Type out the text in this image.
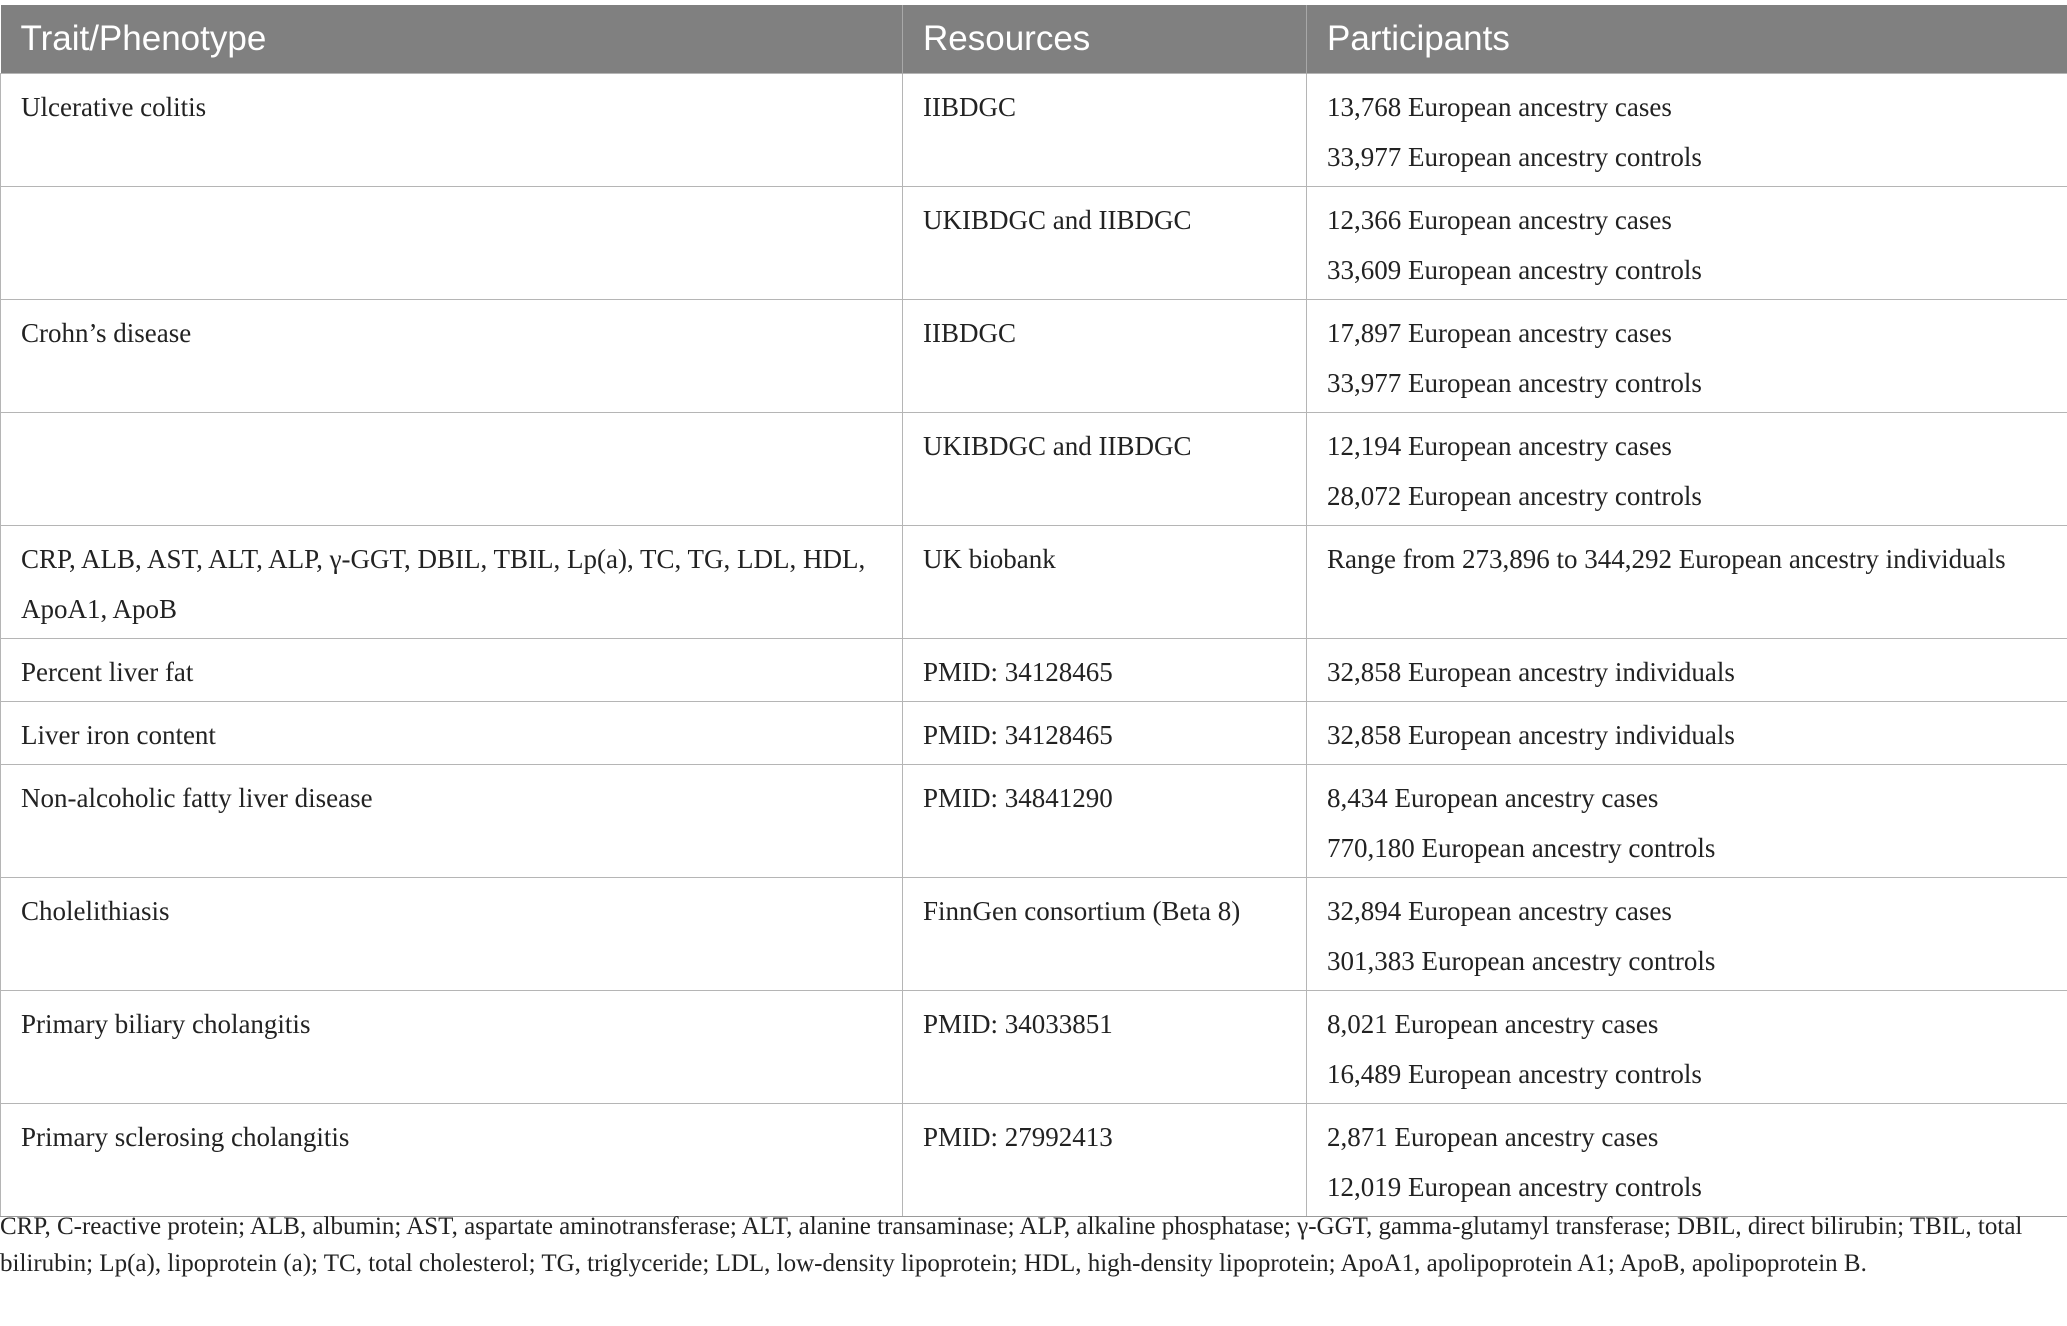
Trait/Phenotype	Resources	Participants
Ulcerative colitis	IIBDGC	13,768 European ancestry cases
33,977 European ancestry controls

	UKIBDGC and IIBDGC	12,366 European ancestry cases
33,609 European ancestry controls

Crohn’s disease	IIBDGC	17,897 European ancestry cases
33,977 European ancestry controls

	UKIBDGC and IIBDGC	12,194 European ancestry cases
28,072 European ancestry controls

CRP, ALB, AST, ALT, ALP, γ-GGT, DBIL, TBIL, Lp(a), TC, TG, LDL, HDL, ApoA1, ApoB	UK biobank	Range from 273,896 to 344,292 European ancestry individuals

Percent liver fat	PMID: 34128465	32,858 European ancestry individuals

Liver iron content	PMID: 34128465	32,858 European ancestry individuals

Non-alcoholic fatty liver disease	PMID: 34841290	8,434 European ancestry cases
770,180 European ancestry controls

Cholelithiasis	FinnGen consortium (Beta 8)	32,894 European ancestry cases
301,383 European ancestry controls

Primary biliary cholangitis	PMID: 34033851	8,021 European ancestry cases
16,489 European ancestry controls

Primary sclerosing cholangitis	PMID: 27992413	2,871 European ancestry cases
12,019 European ancestry controls
CRP, C-reactive protein; ALB, albumin; AST, aspartate aminotransferase; ALT, alanine transaminase; ALP, alkaline phosphatase; γ-GGT, gamma-glutamyl transferase; DBIL, direct bilirubin; TBIL, total bilirubin; Lp(a), lipoprotein (a); TC, total cholesterol; TG, triglyceride; LDL, low-density lipoprotein; HDL, high-density lipoprotein; ApoA1, apolipoprotein A1; ApoB, apolipoprotein B.
